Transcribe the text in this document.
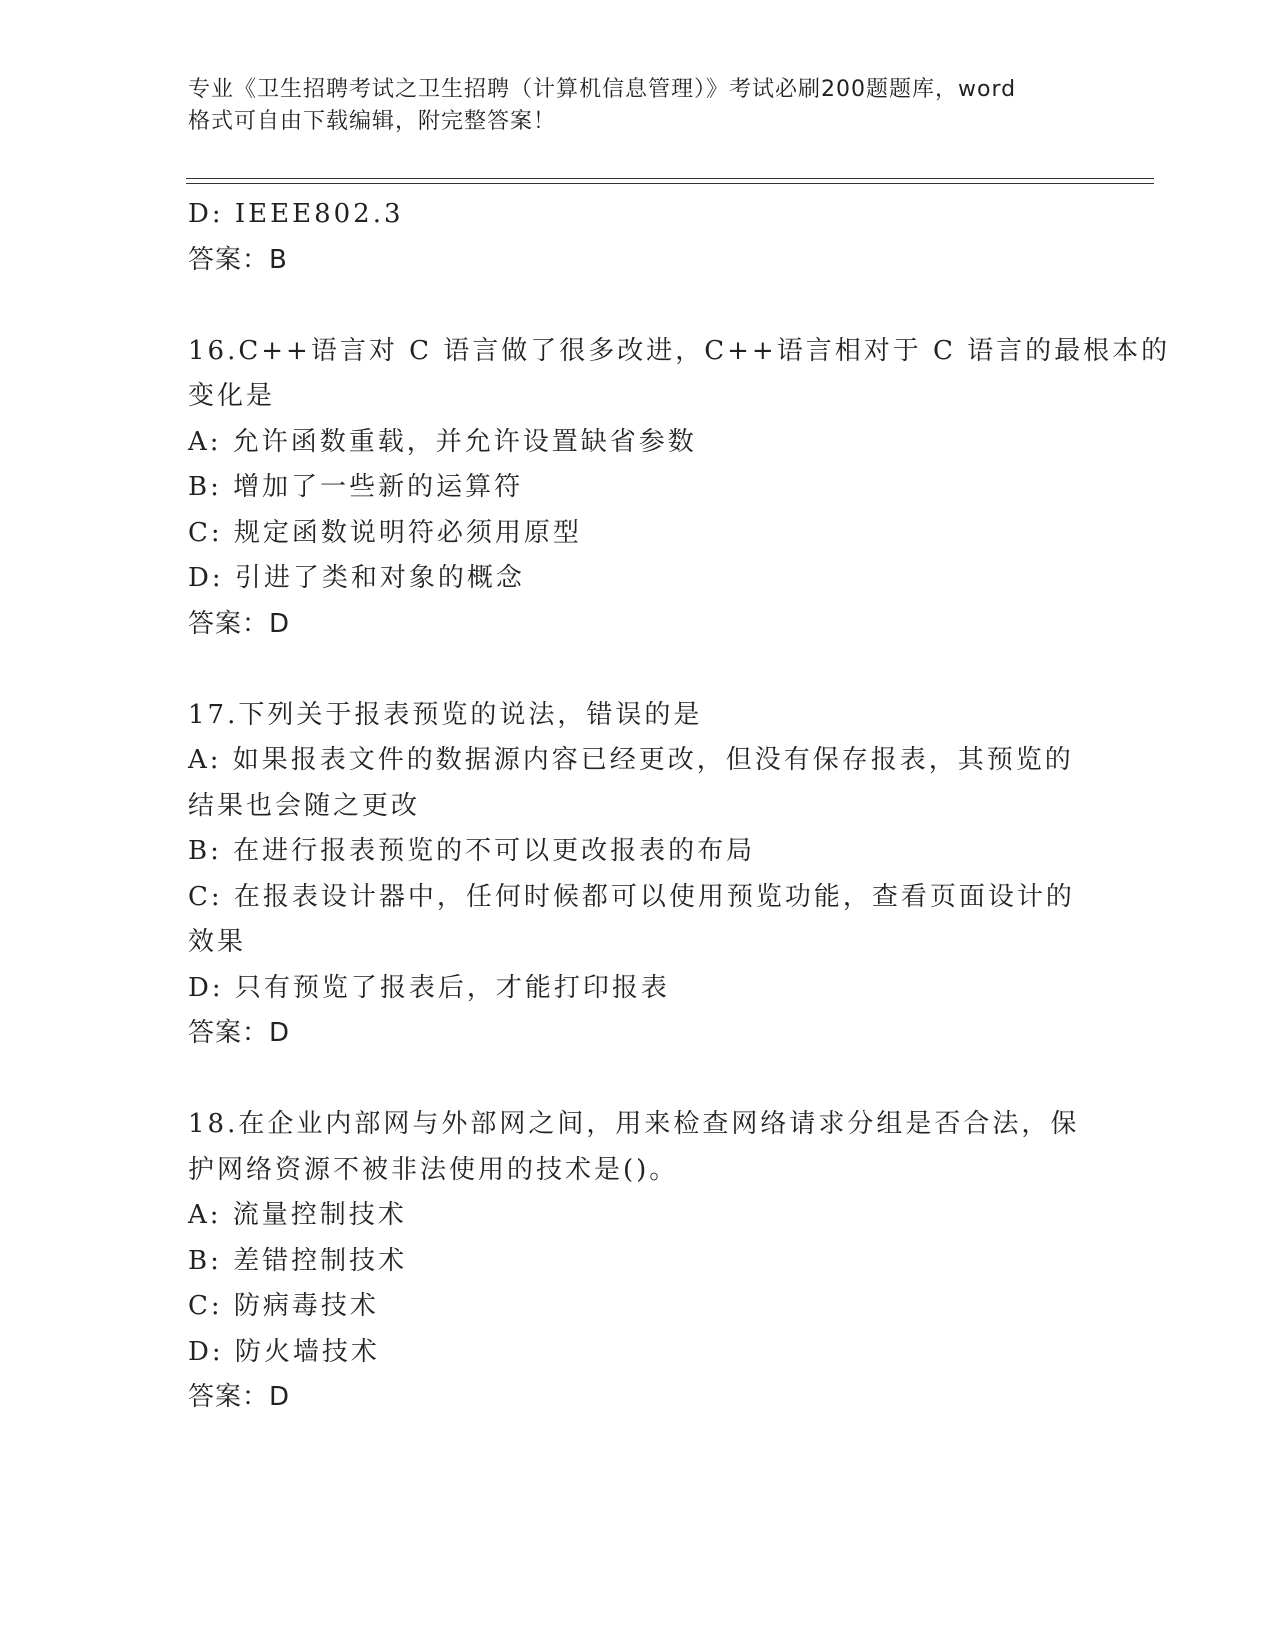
专业《卫生招聘考试之卫生招聘（计算机信息管理）》考试必刷200题题库，word
格式可自由下载编辑，附完整答案！
D: IEEE802.3
答案：B
16.C++语言对 C 语言做了很多改进，C++语言相对于 C 语言的最根本的
变化是
A: 允许函数重载，并允许设置缺省参数
B: 增加了一些新的运算符
C: 规定函数说明符必须用原型
D: 引进了类和对象的概念
答案：D
17.下列关于报表预览的说法，错误的是
A: 如果报表文件的数据源内容已经更改，但没有保存报表，其预览的
结果也会随之更改
B: 在进行报表预览的不可以更改报表的布局
C: 在报表设计器中，任何时候都可以使用预览功能，查看页面设计的
效果
D: 只有预览了报表后，才能打印报表
答案：D
18.在企业内部网与外部网之间，用来检查网络请求分组是否合法，保
护网络资源不被非法使用的技术是()。
A: 流量控制技术
B: 差错控制技术
C: 防病毒技术
D: 防火墙技术
答案：D
